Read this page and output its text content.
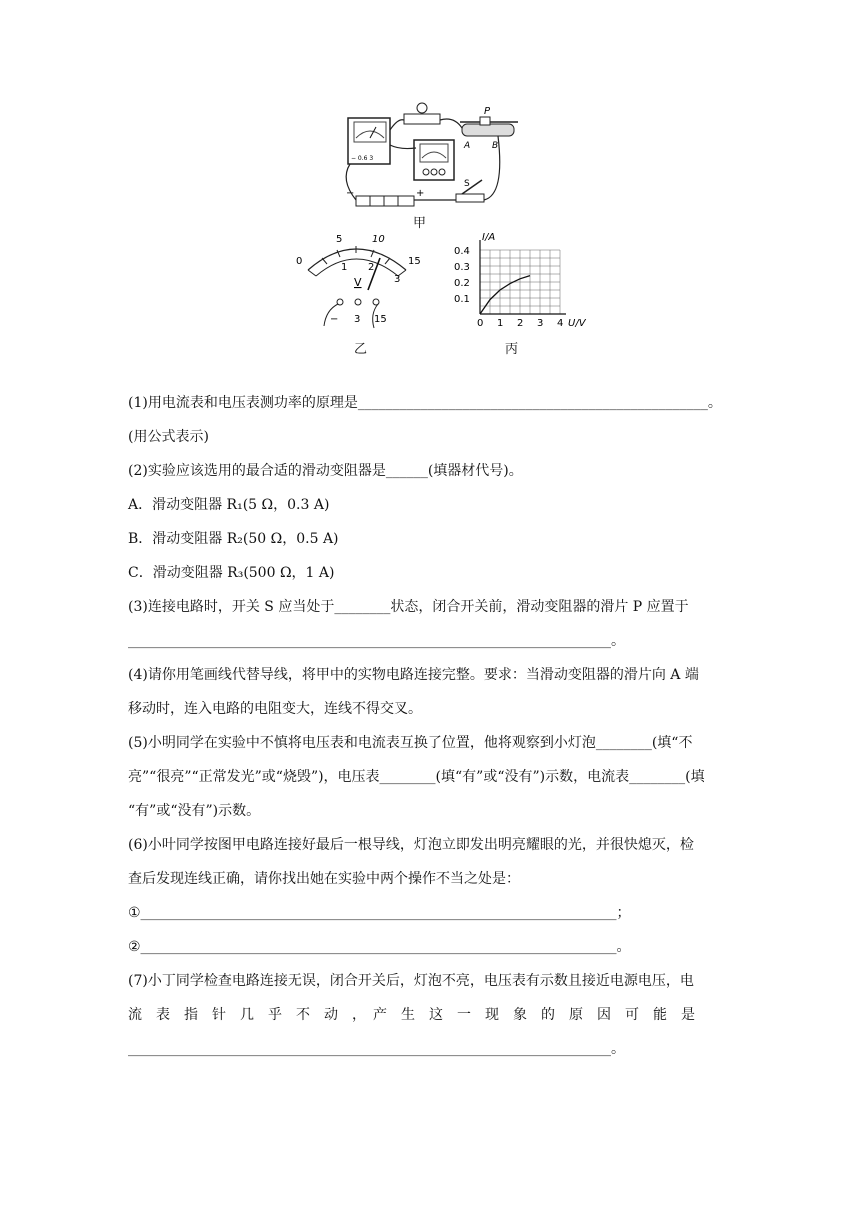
− 0.6 3
P
A B
S
−	+
甲
0
5	10
15
1 2
3
V
− 3 15
乙
0 1 2 3 4
0.1
0.2
0.3
0.4
U/V
I/A
丙
(1)用电流表和电压表测功率的原理是__________________________________________________。
(用公式表示)
(2)实验应该选用的最合适的滑动变阻器是______(填器材代号)。
A．滑动变阻器 R₁(5 Ω，0.3 A)
B．滑动变阻器 R₂(50 Ω，0.5 A)
C．滑动变阻器 R₃(500 Ω，1 A)
(3)连接电路时，开关 S 应当处于________状态，闭合开关前，滑动变阻器的滑片 P 应置于
_____________________________________________________________________。
(4)请你用笔画线代替导线，将甲中的实物电路连接完整。要求：当滑动变阻器的滑片向 A 端
移动时，连入电路的电阻变大，连线不得交叉。
(5)小明同学在实验中不慎将电压表和电流表互换了位置，他将观察到小灯泡________(填“不
亮”“很亮”“正常发光”或“烧毁”)，电压表________(填“有”或“没有”)示数，电流表________(填
“有”或“没有”)示数。
(6)小叶同学按图甲电路连接好最后一根导线，灯泡立即发出明亮耀眼的光，并很快熄灭，检
查后发现连线正确，请你找出她在实验中两个操作不当之处是：
①____________________________________________________________________；
②____________________________________________________________________。
(7)小丁同学检查电路连接无误，闭合开关后，灯泡不亮，电压表有示数且接近电源电压，电
流　表　指　针　几　乎　不　动　，　产　生　这　一　现　象　的　原　因　可　能　是
_____________________________________________________________________。
